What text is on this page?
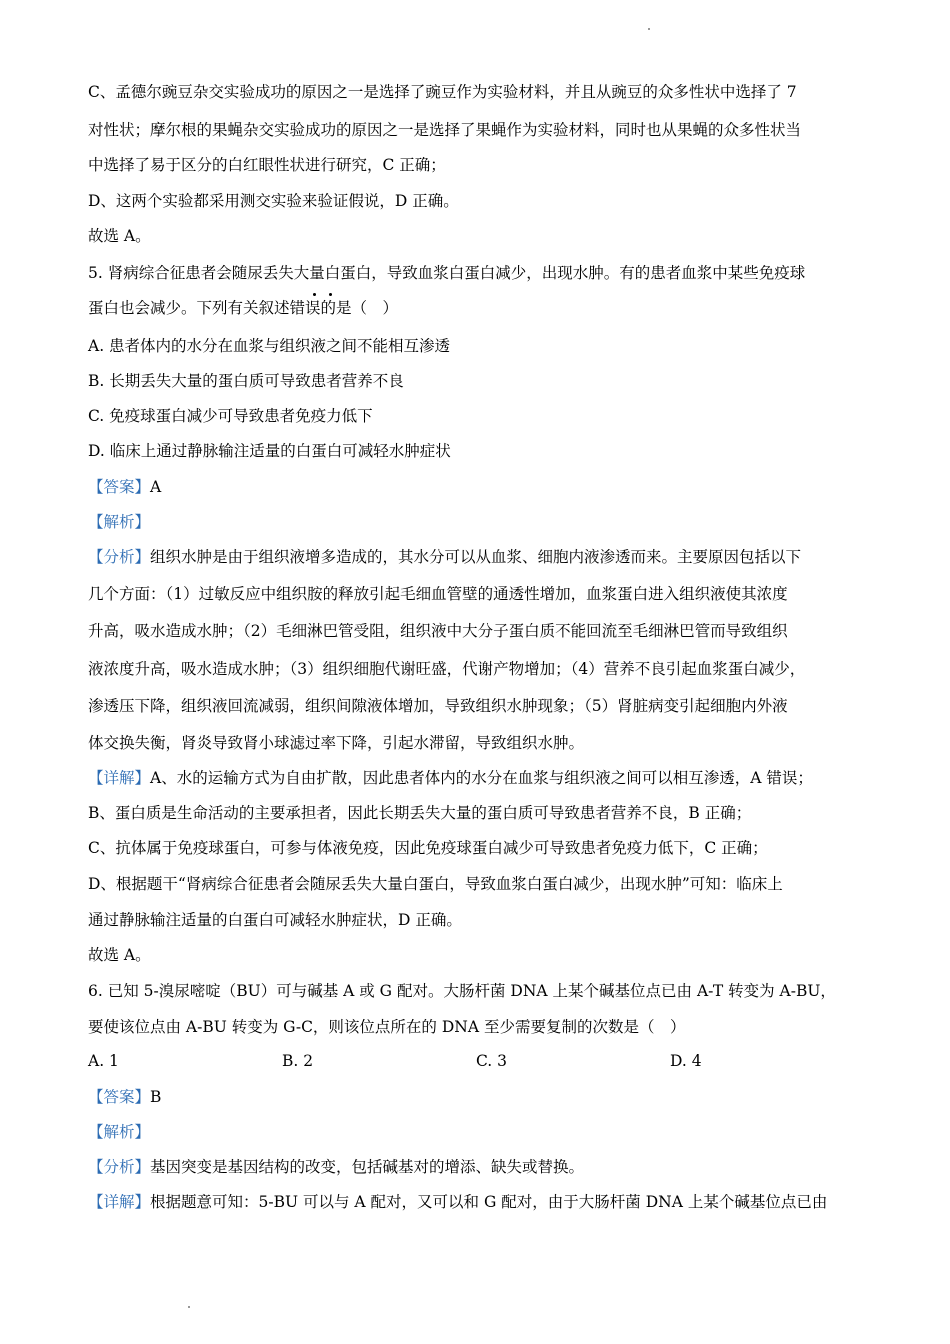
C、孟德尔豌豆杂交实验成功的原因之一是选择了豌豆作为实验材料，并且从豌豆的众多性状中选择了 7
对性状；摩尔根的果蝇杂交实验成功的原因之一是选择了果蝇作为实验材料，同时也从果蝇的众多性状当
中选择了易于区分的白红眼性状进行研究，C 正确；
D、这两个实验都采用测交实验来验证假说，D 正确。
故选 A。
5. 肾病综合征患者会随尿丢失大量白蛋白，导致血浆白蛋白减少，出现水肿。有的患者血浆中某些免疫球
蛋白也会减少。下列有关叙述错误的是（　）
A. 患者体内的水分在血浆与组织液之间不能相互渗透
B. 长期丢失大量的蛋白质可导致患者营养不良
C. 免疫球蛋白减少可导致患者免疫力低下
D. 临床上通过静脉输注适量的白蛋白可减轻水肿症状
【答案】A
【解析】
【分析】组织水肿是由于组织液增多造成的，其水分可以从血浆、细胞内液渗透而来。主要原因包括以下
几个方面：（1）过敏反应中组织胺的释放引起毛细血管壁的通透性增加，血浆蛋白进入组织液使其浓度
升高，吸水造成水肿；（2）毛细淋巴管受阻，组织液中大分子蛋白质不能回流至毛细淋巴管而导致组织
液浓度升高，吸水造成水肿；（3）组织细胞代谢旺盛，代谢产物增加；（4）营养不良引起血浆蛋白减少，
渗透压下降，组织液回流减弱，组织间隙液体增加，导致组织水肿现象；（5）肾脏病变引起细胞内外液
体交换失衡，肾炎导致肾小球滤过率下降，引起水滞留，导致组织水肿。
【详解】A、水的运输方式为自由扩散，因此患者体内的水分在血浆与组织液之间可以相互渗透，A 错误；
B、蛋白质是生命活动的主要承担者，因此长期丢失大量的蛋白质可导致患者营养不良，B 正确；
C、抗体属于免疫球蛋白，可参与体液免疫，因此免疫球蛋白减少可导致患者免疫力低下，C 正确；
D、根据题干“肾病综合征患者会随尿丢失大量白蛋白，导致血浆白蛋白减少，出现水肿”可知：临床上
通过静脉输注适量的白蛋白可减轻水肿症状，D 正确。
故选 A。
6. 已知 5-溴尿嘧啶（BU）可与碱基 A 或 G 配对。大肠杆菌 DNA 上某个碱基位点已由 A-T 转变为 A-BU，
要使该位点由 A-BU 转变为 G-C，则该位点所在的 DNA 至少需要复制的次数是（　）
【答案】B
【解析】
【分析】基因突变是基因结构的改变，包括碱基对的增添、缺失或替换。
【详解】根据题意可知：5-BU 可以与 A 配对，又可以和 G 配对，由于大肠杆菌 DNA 上某个碱基位点已由
A. 1	B. 2	C. 3	D. 4
